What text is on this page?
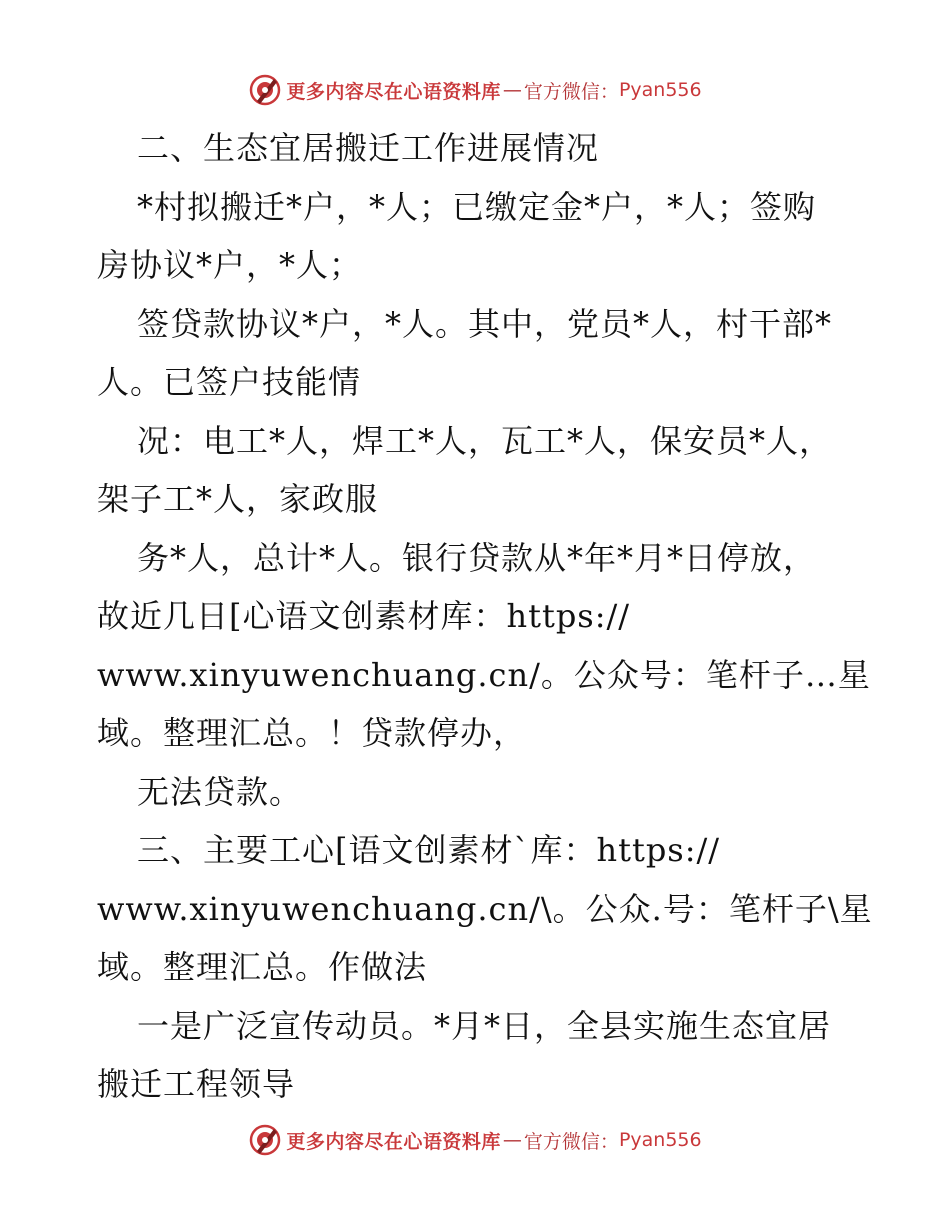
更多内容尽在心语资料库 — 官方微信： Pyan556
二、生态宜居搬迁工作进展情况
*村拟搬迁*户，*人；已缴定金*户，*人；签购
房协议*户，*人；
签贷款协议*户，*人。其中，党员*人，村干部*
人。已签户技能情
况：电工*人，焊工*人，瓦工*人，保安员*人，
架子工*人，家政服
务*人，总计*人。银行贷款从*年*月*日停放，
故近几日[心语文创素材库：https://
www.xinyuwenchuang.cn/。公众号：笔杆子…星
域。整理汇总。！贷款停办，
无法贷款。
三、主要工心[语文创素材`库：https://
www.xinyuwenchuang.cn/\。公众.号：笔杆子\星
域。整理汇总。作做法
一是广泛宣传动员。*月*日，全县实施生态宜居
搬迁工程领导
更多内容尽在心语资料库 — 官方微信： Pyan556
